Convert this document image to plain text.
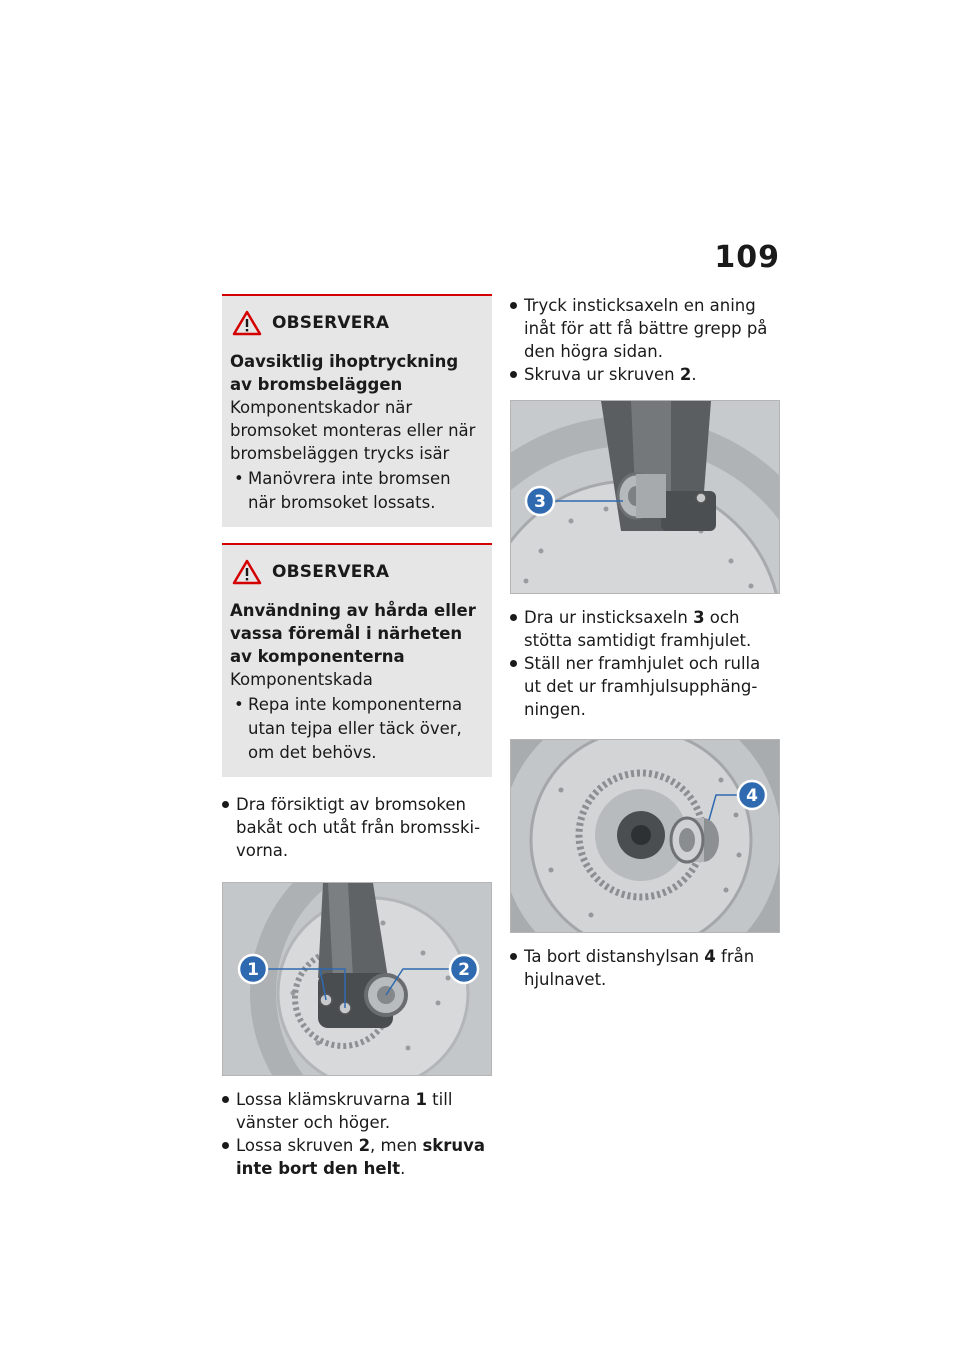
109
OBSERVERA
Oavsiktlig ihoptryckning av bromsbeläggen
Komponentskador när bromsoket monteras eller när bromsbeläggen trycks isär
• Manövrera inte bromsen när bromsoket lossats.
OBSERVERA
Användning av hårda eller vassa föremål i närheten av komponenterna
Komponentskada
• Repa inte komponenterna utan tejpa eller täck över, om det behövs.
Dra försiktigt av bromsoken bakåt och utåt från bromsskivorna.
1	2
Lossa klämskruvarna 1 till vänster och höger.
Lossa skruven 2, men skruva inte bort den helt.
Tryck insticksaxeln en aning inåt för att få bättre grepp på den högra sidan.
Skruva ur skruven 2.
3
Dra ur insticksaxeln 3 och stötta samtidigt framhjulet.
Ställ ner framhjulet och rulla ut det ur framhjulsupphängningen.
4
Ta bort distanshylsan 4 från hjulnavet.
